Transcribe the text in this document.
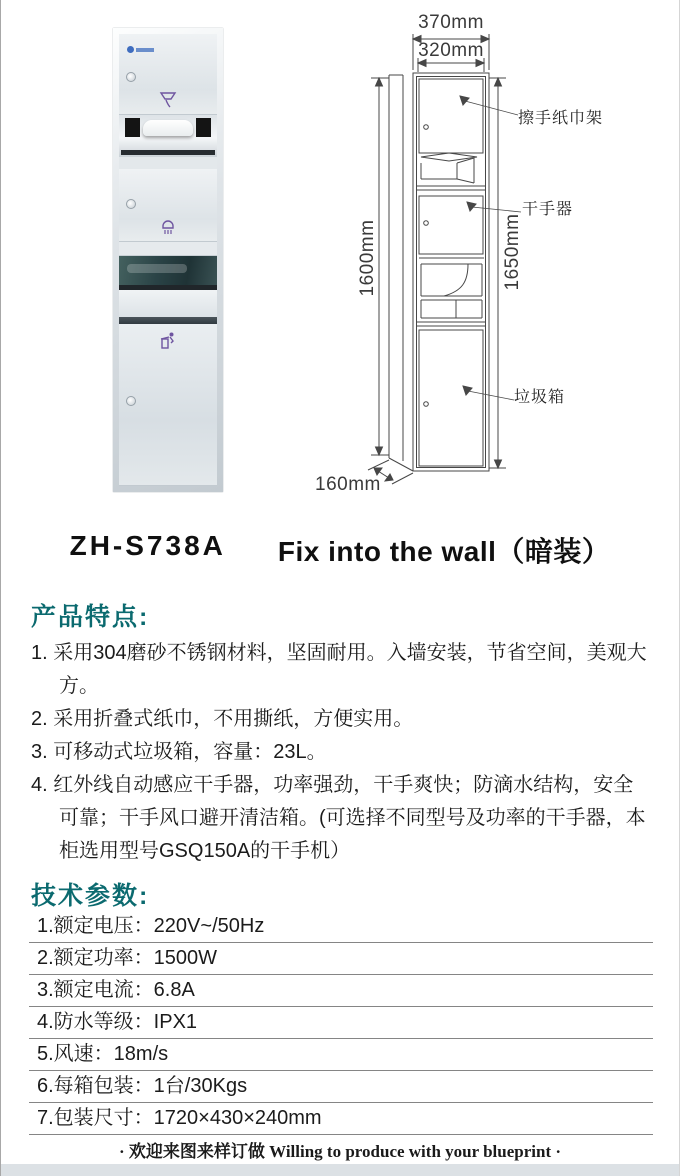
370mm
320mm
1600mm	1650mm
160mm
擦手纸巾架
干手器
垃圾箱
ZH-S738A Fix into the wall（暗装）
产品特点:
1. 采用304磨砂不锈钢材料，坚固耐用。入墙安装，节省空间，美观大方。
2. 采用折叠式纸巾，不用撕纸，方便实用。
3. 可移动式垃圾箱，容量：23L。
4. 红外线自动感应干手器，功率强劲，干手爽快；防滴水结构，安全可靠；干手风口避开清洁箱。(可选择不同型号及功率的干手器，本柜选用型号GSQ150A的干手机）
技术参数:
1.额定电压：220V~/50Hz
2.额定功率：1500W
3.额定电流：6.8A
4.防水等级：IPX1
5.风速：18m/s
6.每箱包装：1台/30Kgs
7.包装尺寸：1720×430×240mm
· 欢迎来图来样订做 Willing to produce with your blueprint ·
